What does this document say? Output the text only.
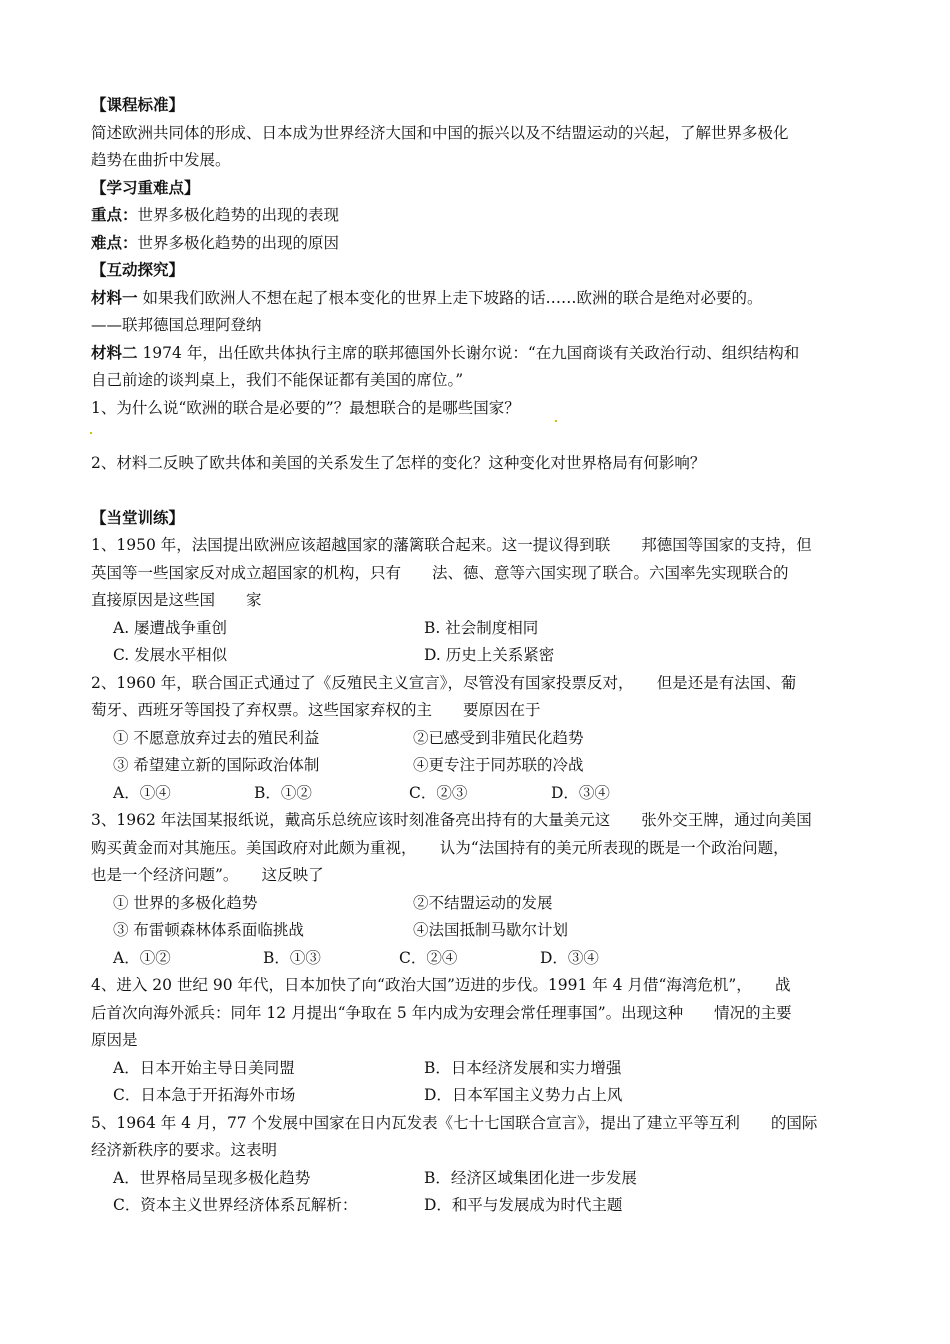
【课程标准】
简述欧洲共同体的形成、日本成为世界经济大国和中国的振兴以及不结盟运动的兴起，了解世界多极化
趋势在曲折中发展。
【学习重难点】
重点：世界多极化趋势的出现的表现
难点：世界多极化趋势的出现的原因
【互动探究】
材料一 如果我们欧洲人不想在起了根本变化的世界上走下坡路的话……欧洲的联合是绝对必要的。
——联邦德国总理阿登纳
材料二 1974 年，出任欧共体执行主席的联邦德国外长谢尔说：“在九国商谈有关政治行动、组织结构和
自己前途的谈判桌上，我们不能保证都有美国的席位。”
1、为什么说“欧洲的联合是必要的”？最想联合的是哪些国家？
2、材料二反映了欧共体和美国的关系发生了怎样的变化？这种变化对世界格局有何影响？
【当堂训练】
1、1950 年，法国提出欧洲应该超越国家的藩篱联合起来。这一提议得到联　　邦德国等国家的支持，但
英国等一些国家反对成立超国家的机构，只有　　法、德、意等六国实现了联合。六国率先实现联合的
直接原因是这些国　　家
A. 屡遭战争重创	B. 社会制度相同
C. 发展水平相似	D. 历史上关系紧密
2、1960 年，联合国正式通过了《反殖民主义宣言》，尽管没有国家投票反对，　　但是还是有法国、葡
萄牙、西班牙等国投了弃权票。这些国家弃权的主　　要原因在于
① 不愿意放弃过去的殖民利益	②已感受到非殖民化趋势
③ 希望建立新的国际政治体制	④更专注于同苏联的冷战
A．①④	B．①②	C．②③	D．③④
3、1962 年法国某报纸说，戴高乐总统应该时刻准备亮出持有的大量美元这　　张外交王牌，通过向美国
购买黄金而对其施压。美国政府对此颇为重视，　　认为“法国持有的美元所表现的既是一个政治问题，
也是一个经济问题”。　　这反映了
① 世界的多极化趋势	②不结盟运动的发展
③ 布雷顿森林体系面临挑战	④法国抵制马歇尔计划
A．①②	B．①③	C．②④	D．③④
4、进入 20 世纪 90 年代，日本加快了向“政治大国”迈进的步伐。1991 年 4 月借“海湾危机”，　　战
后首次向海外派兵：同年 12 月提出“争取在 5 年内成为安理会常任理事国”。出现这种　　情况的主要
原因是
A．日本开始主导日美同盟	B．日本经济发展和实力增强
C．日本急于开拓海外市场	D．日本军国主义势力占上风
5、1964 年 4 月，77 个发展中国家在日内瓦发表《七十七国联合宣言》，提出了建立平等互利　　的国际
经济新秩序的要求。这表明
A．世界格局呈现多极化趋势	B．经济区域集团化进一步发展
C．资本主义世界经济体系瓦解析：	D．和平与发展成为时代主题
